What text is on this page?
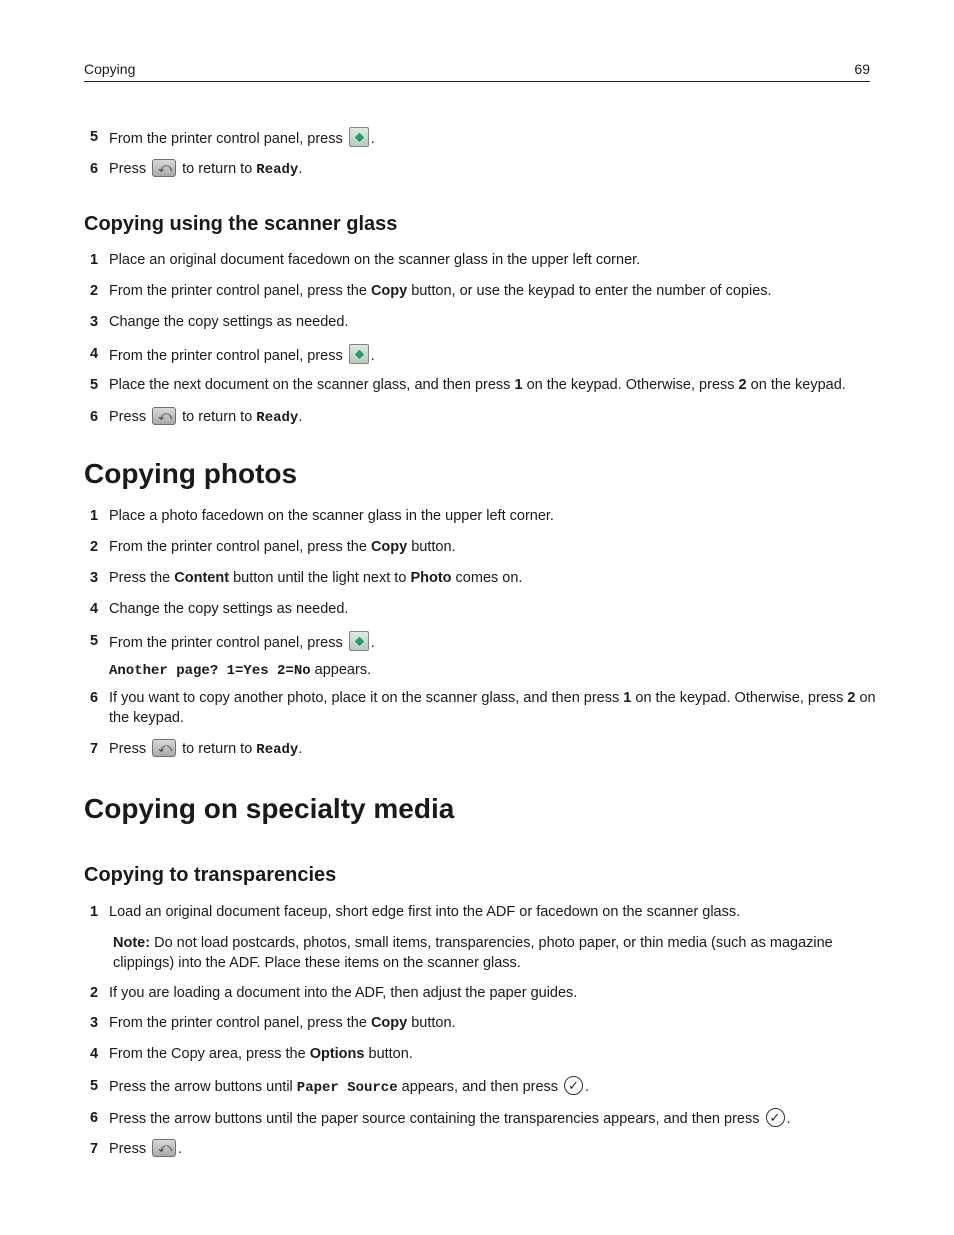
Copying	69
5 From the printer control panel, press .
6 Press ⤺ to return to Ready.
Copying using the scanner glass
1 Place an original document facedown on the scanner glass in the upper left corner.
2 From the printer control panel, press the Copy button, or use the keypad to enter the number of copies.
3 Change the copy settings as needed.
4 From the printer control panel, press .
5 Place the next document on the scanner glass, and then press 1 on the keypad. Otherwise, press 2 on the keypad.
6 Press ⤺ to return to Ready.
Copying photos
1 Place a photo facedown on the scanner glass in the upper left corner.
2 From the printer control panel, press the Copy button.
3 Press the Content button until the light next to Photo comes on.
4 Change the copy settings as needed.
5 From the printer control panel, press .
Another page? 1=Yes 2=No appears.
6 If you want to copy another photo, place it on the scanner glass, and then press 1 on the keypad. Otherwise, press 2 on the keypad.
7 Press ⤺ to return to Ready.
Copying on specialty media
Copying to transparencies
1 Load an original document faceup, short edge first into the ADF or facedown on the scanner glass.
Note: Do not load postcards, photos, small items, transparencies, photo paper, or thin media (such as magazine clippings) into the ADF. Place these items on the scanner glass.
2 If you are loading a document into the ADF, then adjust the paper guides.
3 From the printer control panel, press the Copy button.
4 From the Copy area, press the Options button.
5 Press the arrow buttons until Paper Source appears, and then press ✓ .
6 Press the arrow buttons until the paper source containing the transparencies appears, and then press ✓ .
7 Press ⤺ .
